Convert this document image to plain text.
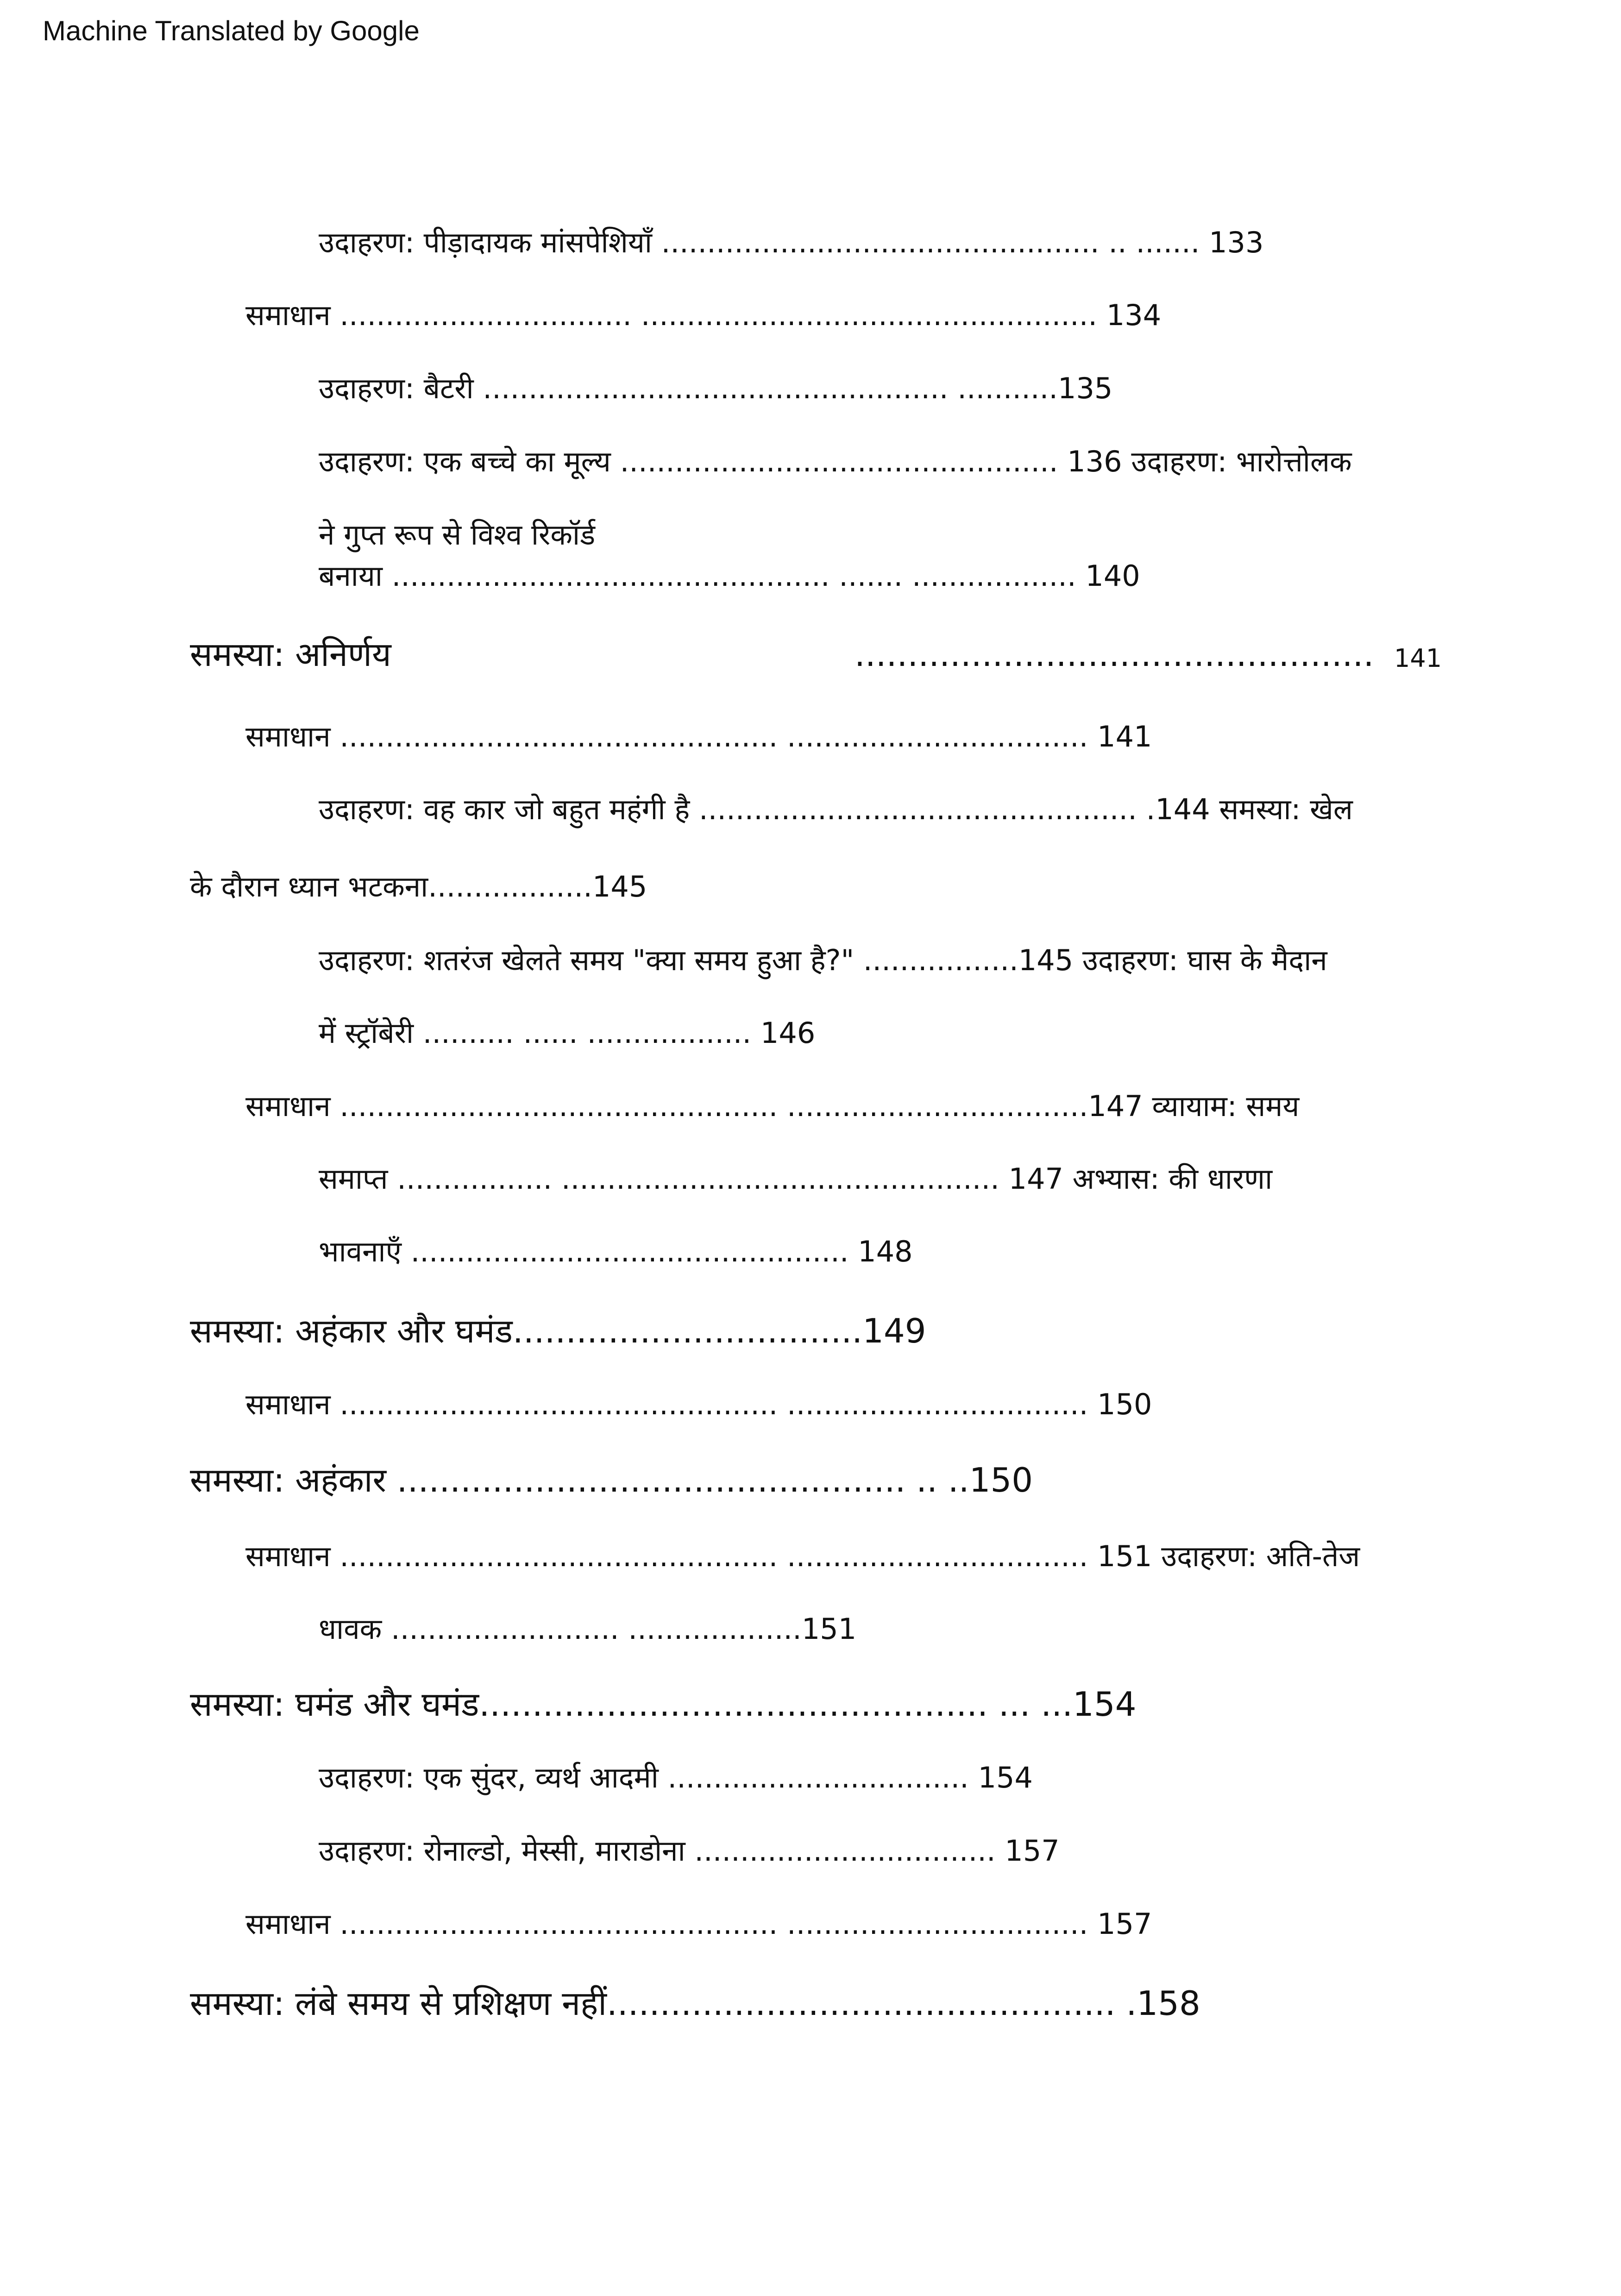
Machine Translated by Google
उदाहरण: पीड़ादायक मांसपेशियाँ ................................................ .. ....... 133
समाधान ................................ .................................................. 134
उदाहरण: बैटरी ................................................... ...........135
उदाहरण: एक बच्चे का मूल्य ................................................ 136 उदाहरण: भारोत्तोलक
ने गुप्त रूप से विश्व रिकॉर्ड
बनाया ................................................ ....... .................. 140
समस्या: अनिर्णय	................................................. 141
समाधान ................................................ ................................. 141
उदाहरण: वह कार जो बहुत महंगी है ................................................ .144 समस्या: खेल
के दौरान ध्यान भटकना..................145
उदाहरण: शतरंज खेलते समय "क्या समय हुआ है?" .................145 उदाहरण: घास के मैदान
में स्ट्रॉबेरी .......... ...... .................. 146
समाधान ................................................ .................................147 व्यायाम: समय
समाप्त ................. ................................................ 147 अभ्यास: की धारणा
भावनाएँ ................................................ 148
समस्या: अहंकार और घमंड.................................149
समाधान ................................................ ................................. 150
समस्या: अहंकार ................................................ .. ..150
समाधान ................................................ ................................. 151 उदाहरण: अति-तेज
धावक ......................... ...................151
समस्या: घमंड और घमंड................................................ ... ...154
उदाहरण: एक सुंदर, व्यर्थ आदमी ................................. 154
उदाहरण: रोनाल्डो, मेस्सी, माराडोना ................................. 157
समाधान ................................................ ................................. 157
समस्या: लंबे समय से प्रशिक्षण नहीं................................................ .158
